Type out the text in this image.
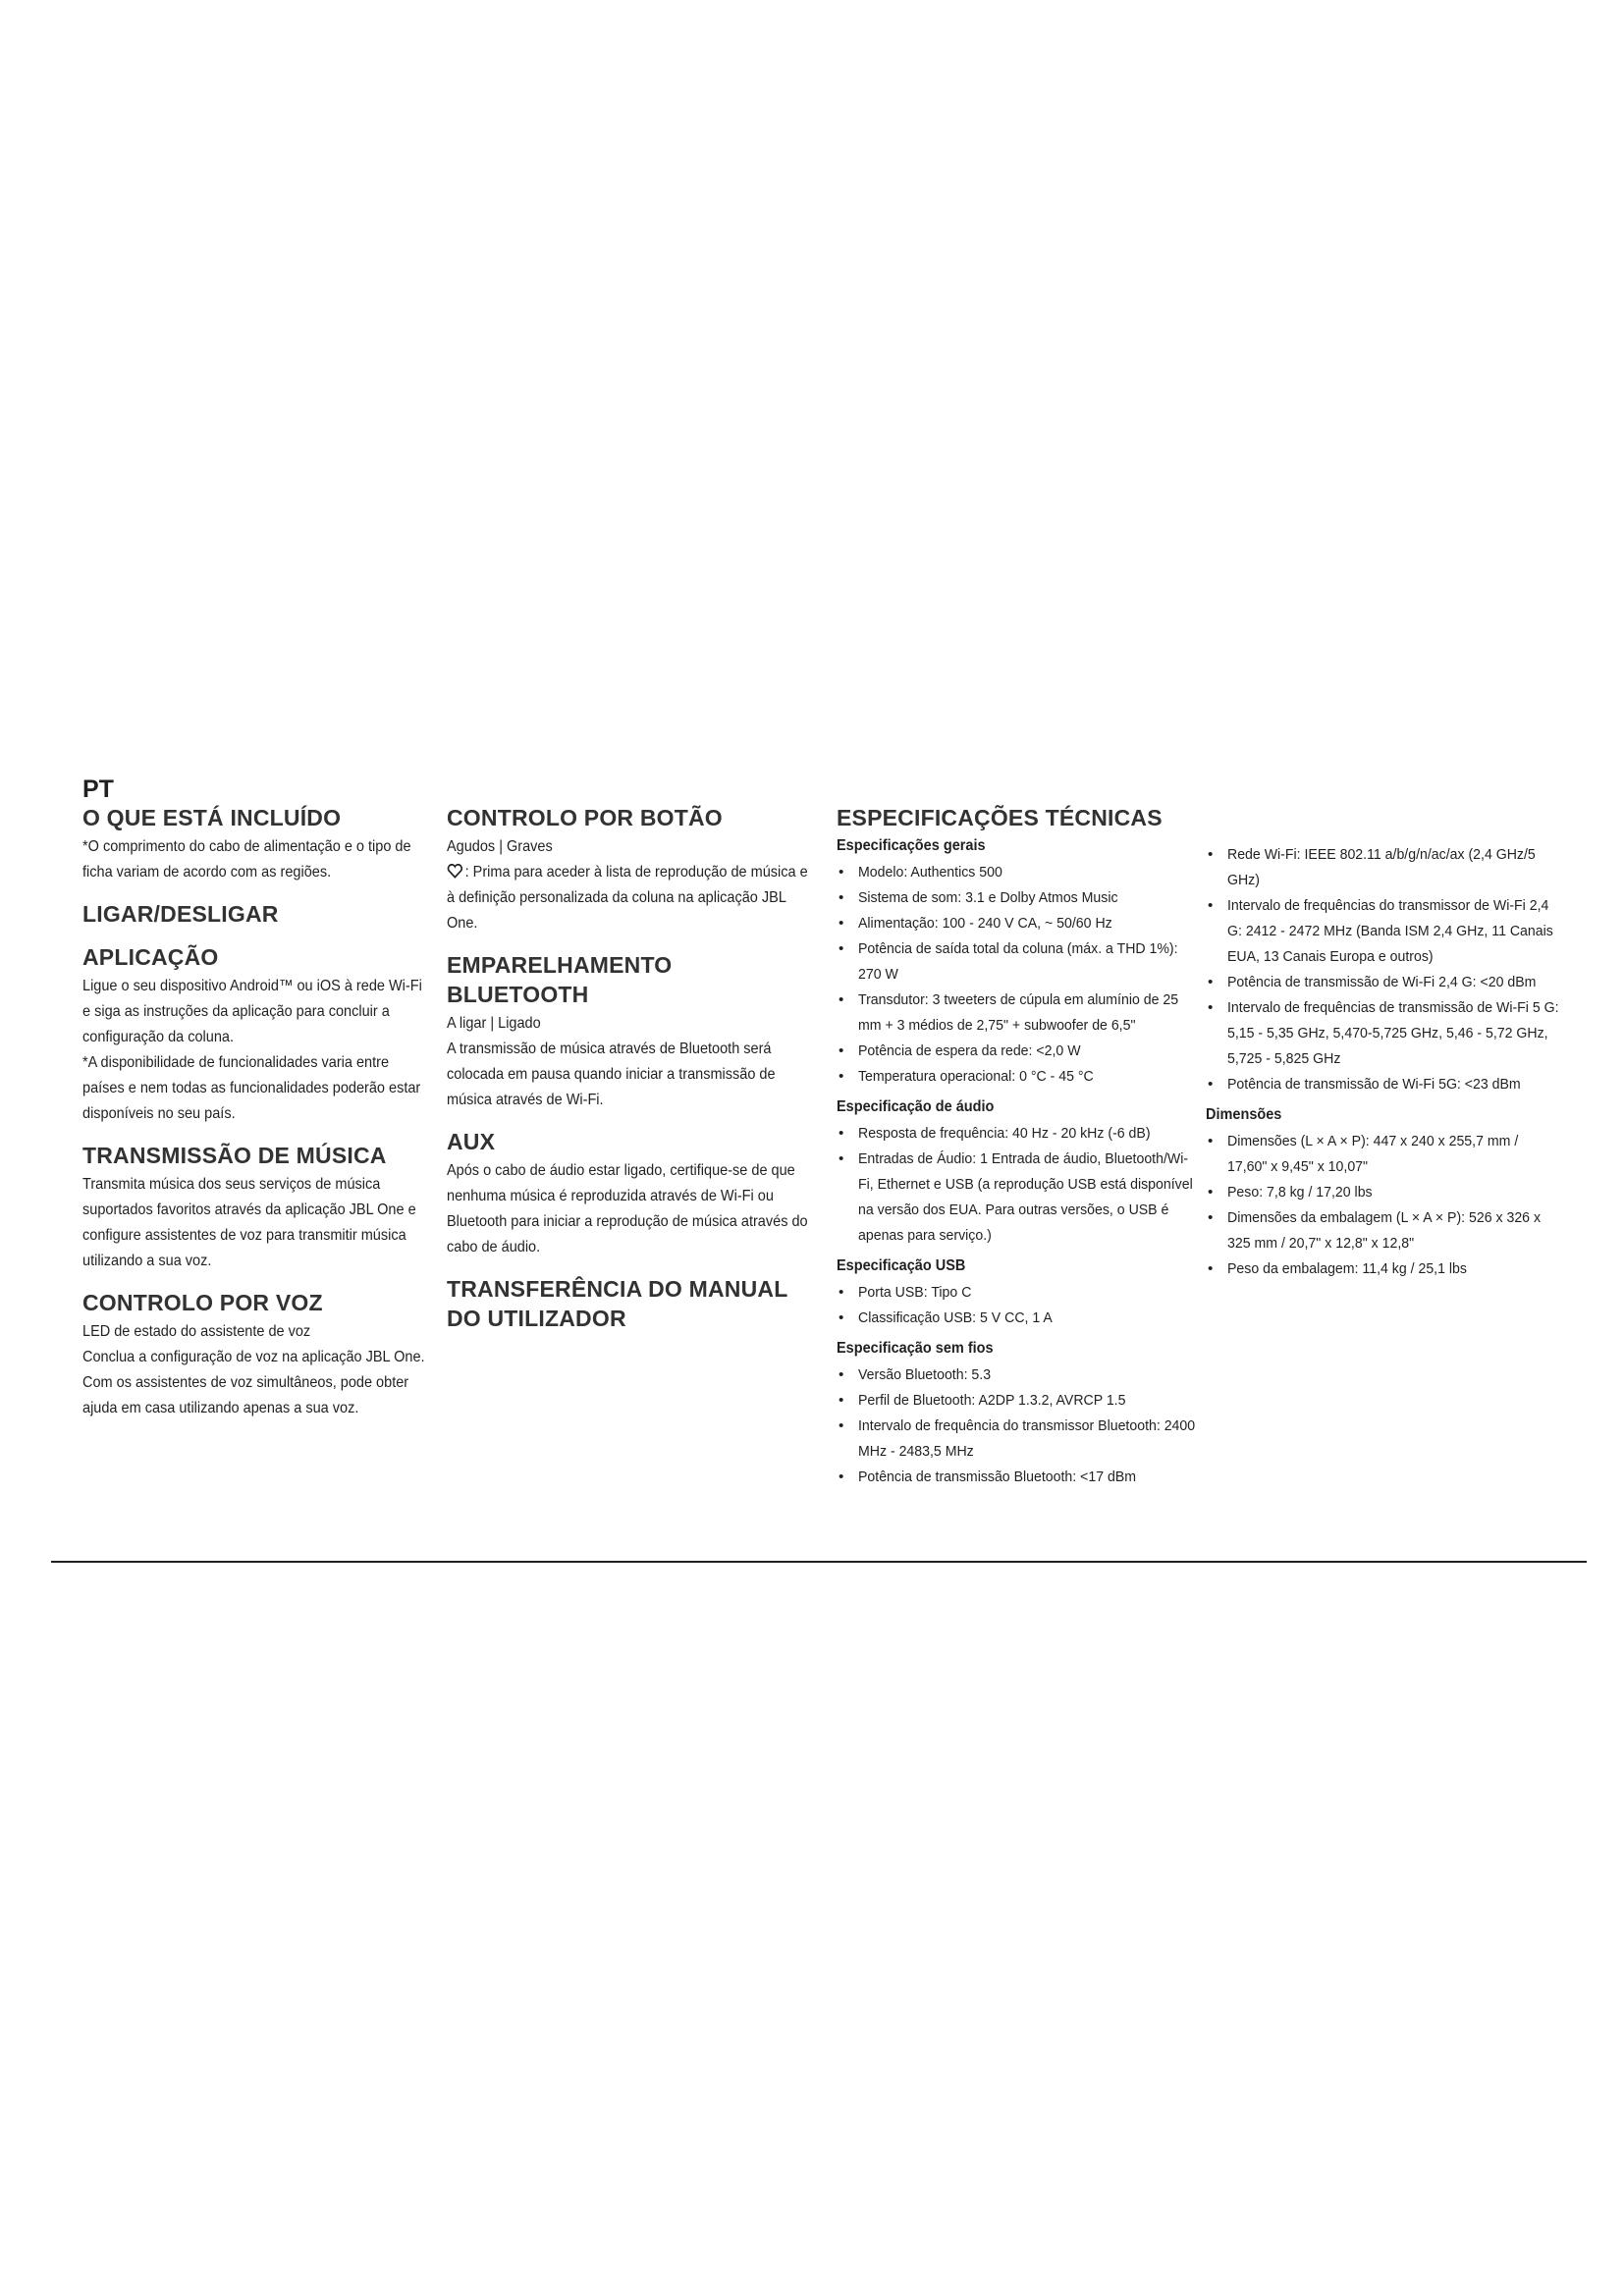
PT
O QUE ESTÁ INCLUÍDO

*O comprimento do cabo de alimentação e o tipo de ficha variam de acordo com as regiões.

LIGAR/DESLIGAR
APLICAÇÃO

Ligue o seu dispositivo Android™ ou iOS à rede Wi-Fi e siga as instruções da aplicação para concluir a configuração da coluna.

*A disponibilidade de funcionalidades varia entre países e nem todas as funcionalidades poderão estar disponíveis no seu país.

TRANSMISSÃO DE MÚSICA

Transmita música dos seus serviços de música suportados favoritos através da aplicação JBL One e configure assistentes de voz para transmitir música utilizando a sua voz.

CONTROLO POR VOZ

LED de estado do assistente de voz

Conclua a configuração de voz na aplicação JBL One. Com os assistentes de voz simultâneos, pode obter ajuda em casa utilizando apenas a sua voz.

CONTROLO POR BOTÃO

Agudos | Graves

: Prima para aceder à lista de reprodução de música e à definição personalizada da coluna na aplicação JBL One.

EMPARELHAMENTO BLUETOOTH

A ligar | Ligado

A transmissão de música através de Bluetooth será colocada em pausa quando iniciar a transmissão de música através de Wi-Fi.

AUX

Após o cabo de áudio estar ligado, certifique-se de que nenhuma música é reproduzida através de Wi-Fi ou Bluetooth para iniciar a reprodução de música através do cabo de áudio.

TRANSFERÊNCIA DO MANUAL DO UTILIZADOR
ESPECIFICAÇÕES TÉCNICAS
Especificações gerais
• Modelo: Authentics 500
• Sistema de som: 3.1 e Dolby Atmos Music
• Alimentação: 100 - 240 V CA, ~ 50/60 Hz
• Potência de saída total da coluna (máx. a THD 1%): 270 W
• Transdutor: 3 tweeters de cúpula em alumínio de 25 mm + 3 médios de 2,75" + subwoofer de 6,5"
• Potência de espera da rede: <2,0 W
• Temperatura operacional: 0 °C - 45 °C
Especificação de áudio
• Resposta de frequência: 40 Hz - 20 kHz (-6 dB)
• Entradas de Áudio: 1 Entrada de áudio, Bluetooth/Wi-Fi, Ethernet e USB (a reprodução USB está disponível na versão dos EUA. Para outras versões, o USB é apenas para serviço.)
Especificação USB
• Porta USB: Tipo C
• Classificação USB: 5 V CC, 1 A
Especificação sem fios
• Versão Bluetooth: 5.3
• Perfil de Bluetooth: A2DP 1.3.2, AVRCP 1.5
• Intervalo de frequência do transmissor Bluetooth: 2400 MHz - 2483,5 MHz
• Potência de transmissão Bluetooth: <17 dBm
• Rede Wi-Fi: IEEE 802.11 a/b/g/n/ac/ax (2,4 GHz/5 GHz)
• Intervalo de frequências do transmissor de Wi-Fi 2,4 G: 2412 - 2472 MHz (Banda ISM 2,4 GHz, 11 Canais EUA, 13 Canais Europa e outros)
• Potência de transmissão de Wi-Fi 2,4 G: <20 dBm
• Intervalo de frequências de transmissão de Wi-Fi 5 G: 5,15 - 5,35 GHz, 5,470-5,725 GHz, 5,46 - 5,72 GHz, 5,725 - 5,825 GHz
• Potência de transmissão de Wi-Fi 5G: <23 dBm
Dimensões
• Dimensões (L × A × P): 447 x 240 x 255,7 mm / 17,60" x 9,45" x 10,07"
• Peso: 7,8 kg / 17,20 lbs
• Dimensões da embalagem (L × A × P): 526 x 326 x 325 mm / 20,7" x 12,8" x 12,8"
• Peso da embalagem: 11,4 kg / 25,1 lbs
